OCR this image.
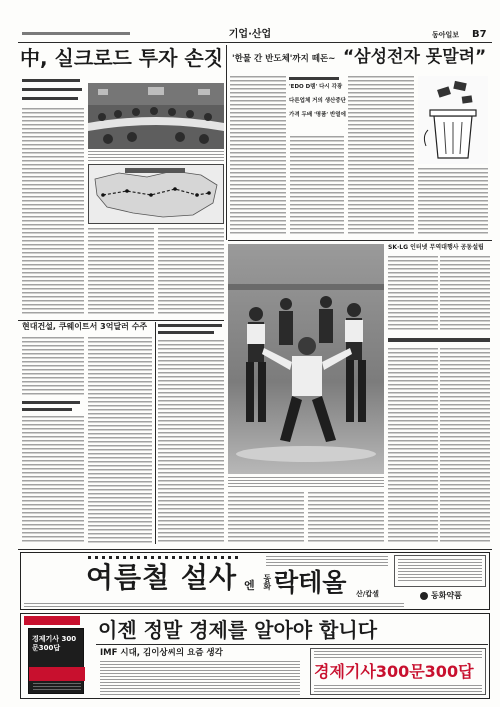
기업·산업	동아일보	B7
中, 실크로드 투자 손짓 '한물 간 반도체'까지 떼돈~ “삼성전자 못말려”
'EDO D램' 다시 각광
다른업체 거의 생산중단
가격 두배 '명품' 반열에
현대건설, 쿠웨이트서 3억달러 수주
SK·LG 인터넷 무역대행사 공동설립
여름철 설사 엔	동화 락테올	산/캅셀	동화약품
경제기사 300문300답
이젠 정말 경제를 알아야 합니다
IMF 시대, 김이상씨의 요즘 생각
경제기사300문300답
